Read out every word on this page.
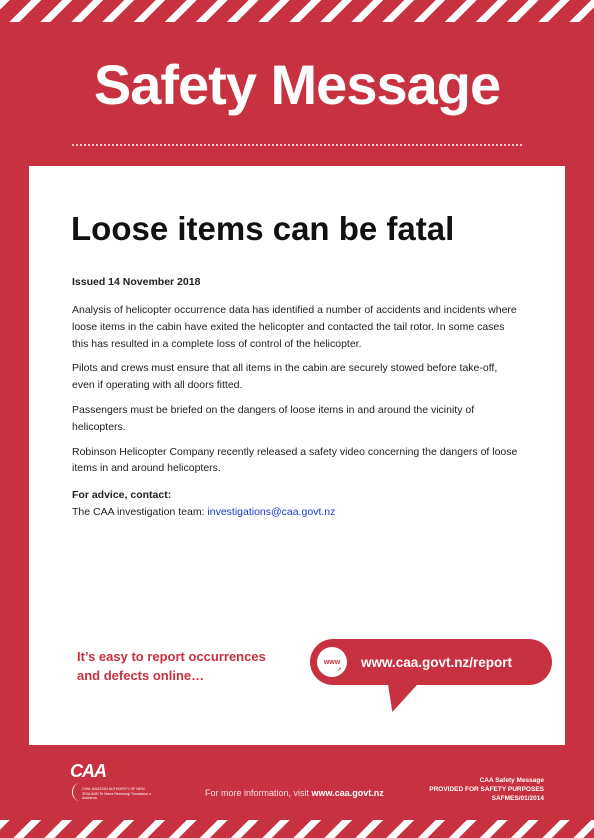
Safety Message
Loose items can be fatal

Issued 14 November 2018

Analysis of helicopter occurrence data has identified a number of accidents and incidents where loose items in the cabin have exited the helicopter and contacted the tail rotor. In some cases this has resulted in a complete loss of control of the helicopter.

Pilots and crews must ensure that all items in the cabin are securely stowed before take-off, even if operating with all doors fitted.

Passengers must be briefed on the dangers of loose items in and around the vicinity of helicopters.

Robinson Helicopter Company recently released a safety video concerning the dangers of loose items in and around helicopters.

For advice, contact:

The CAA investigation team: investigations@caa.govt.nz

It’s easy to report occurrences
and defects online…

www
➚
www.caa.govt.nz/report
CAA
CIVIL AVIATION AUTHORITY OF NEW ZEALAND Te Mana Rererangi Tumatanui o Aotearoa

For more information, visit www.caa.govt.nz

CAA Safety Message
PROVIDED FOR SAFETY PURPOSES
SAFMES/01/2014
